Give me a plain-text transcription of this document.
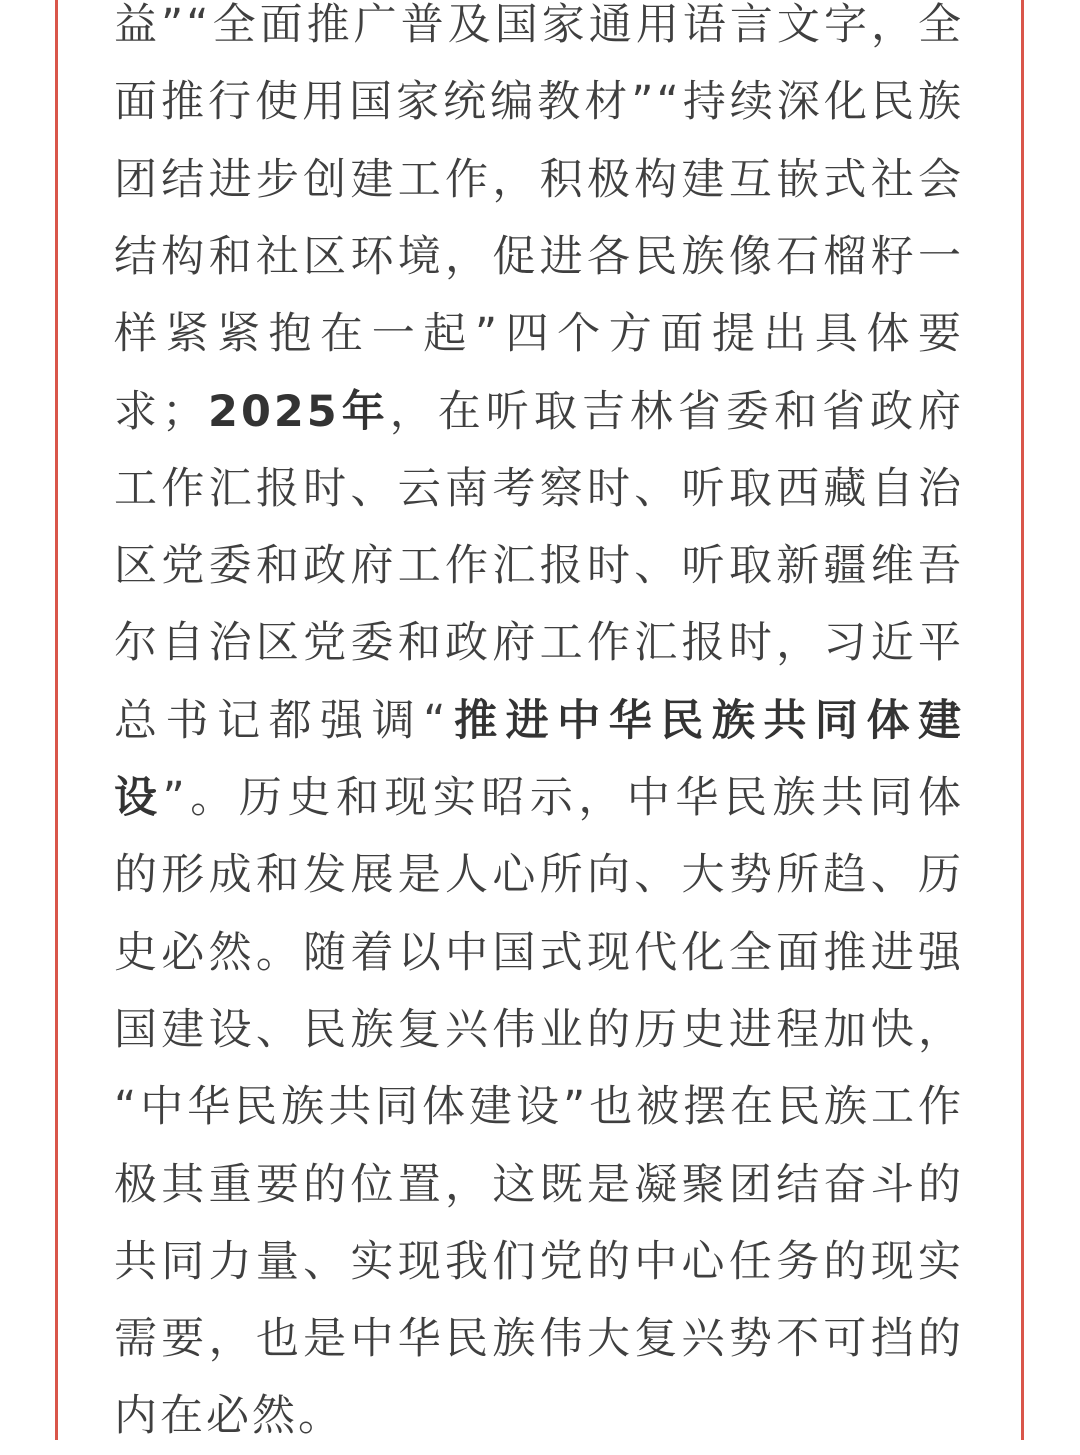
益”“全面推广普及国家通用语言文字，全
面推行使用国家统编教材”“持续深化民族
团结进步创建工作，积极构建互嵌式社会
结构和社区环境，促进各民族像石榴籽一
样紧紧抱在一起”四个方面提出具体要
求；2025年，在听取吉林省委和省政府
工作汇报时、云南考察时、听取西藏自治
区党委和政府工作汇报时、听取新疆维吾
尔自治区党委和政府工作汇报时，习近平
总书记都强调“推进中华民族共同体建
设”。历史和现实昭示，中华民族共同体
的形成和发展是人心所向、大势所趋、历
史必然。随着以中国式现代化全面推进强
国建设、民族复兴伟业的历史进程加快，
“中华民族共同体建设”也被摆在民族工作
极其重要的位置，这既是凝聚团结奋斗的
共同力量、实现我们党的中心任务的现实
需要，也是中华民族伟大复兴势不可挡的
内在必然。
